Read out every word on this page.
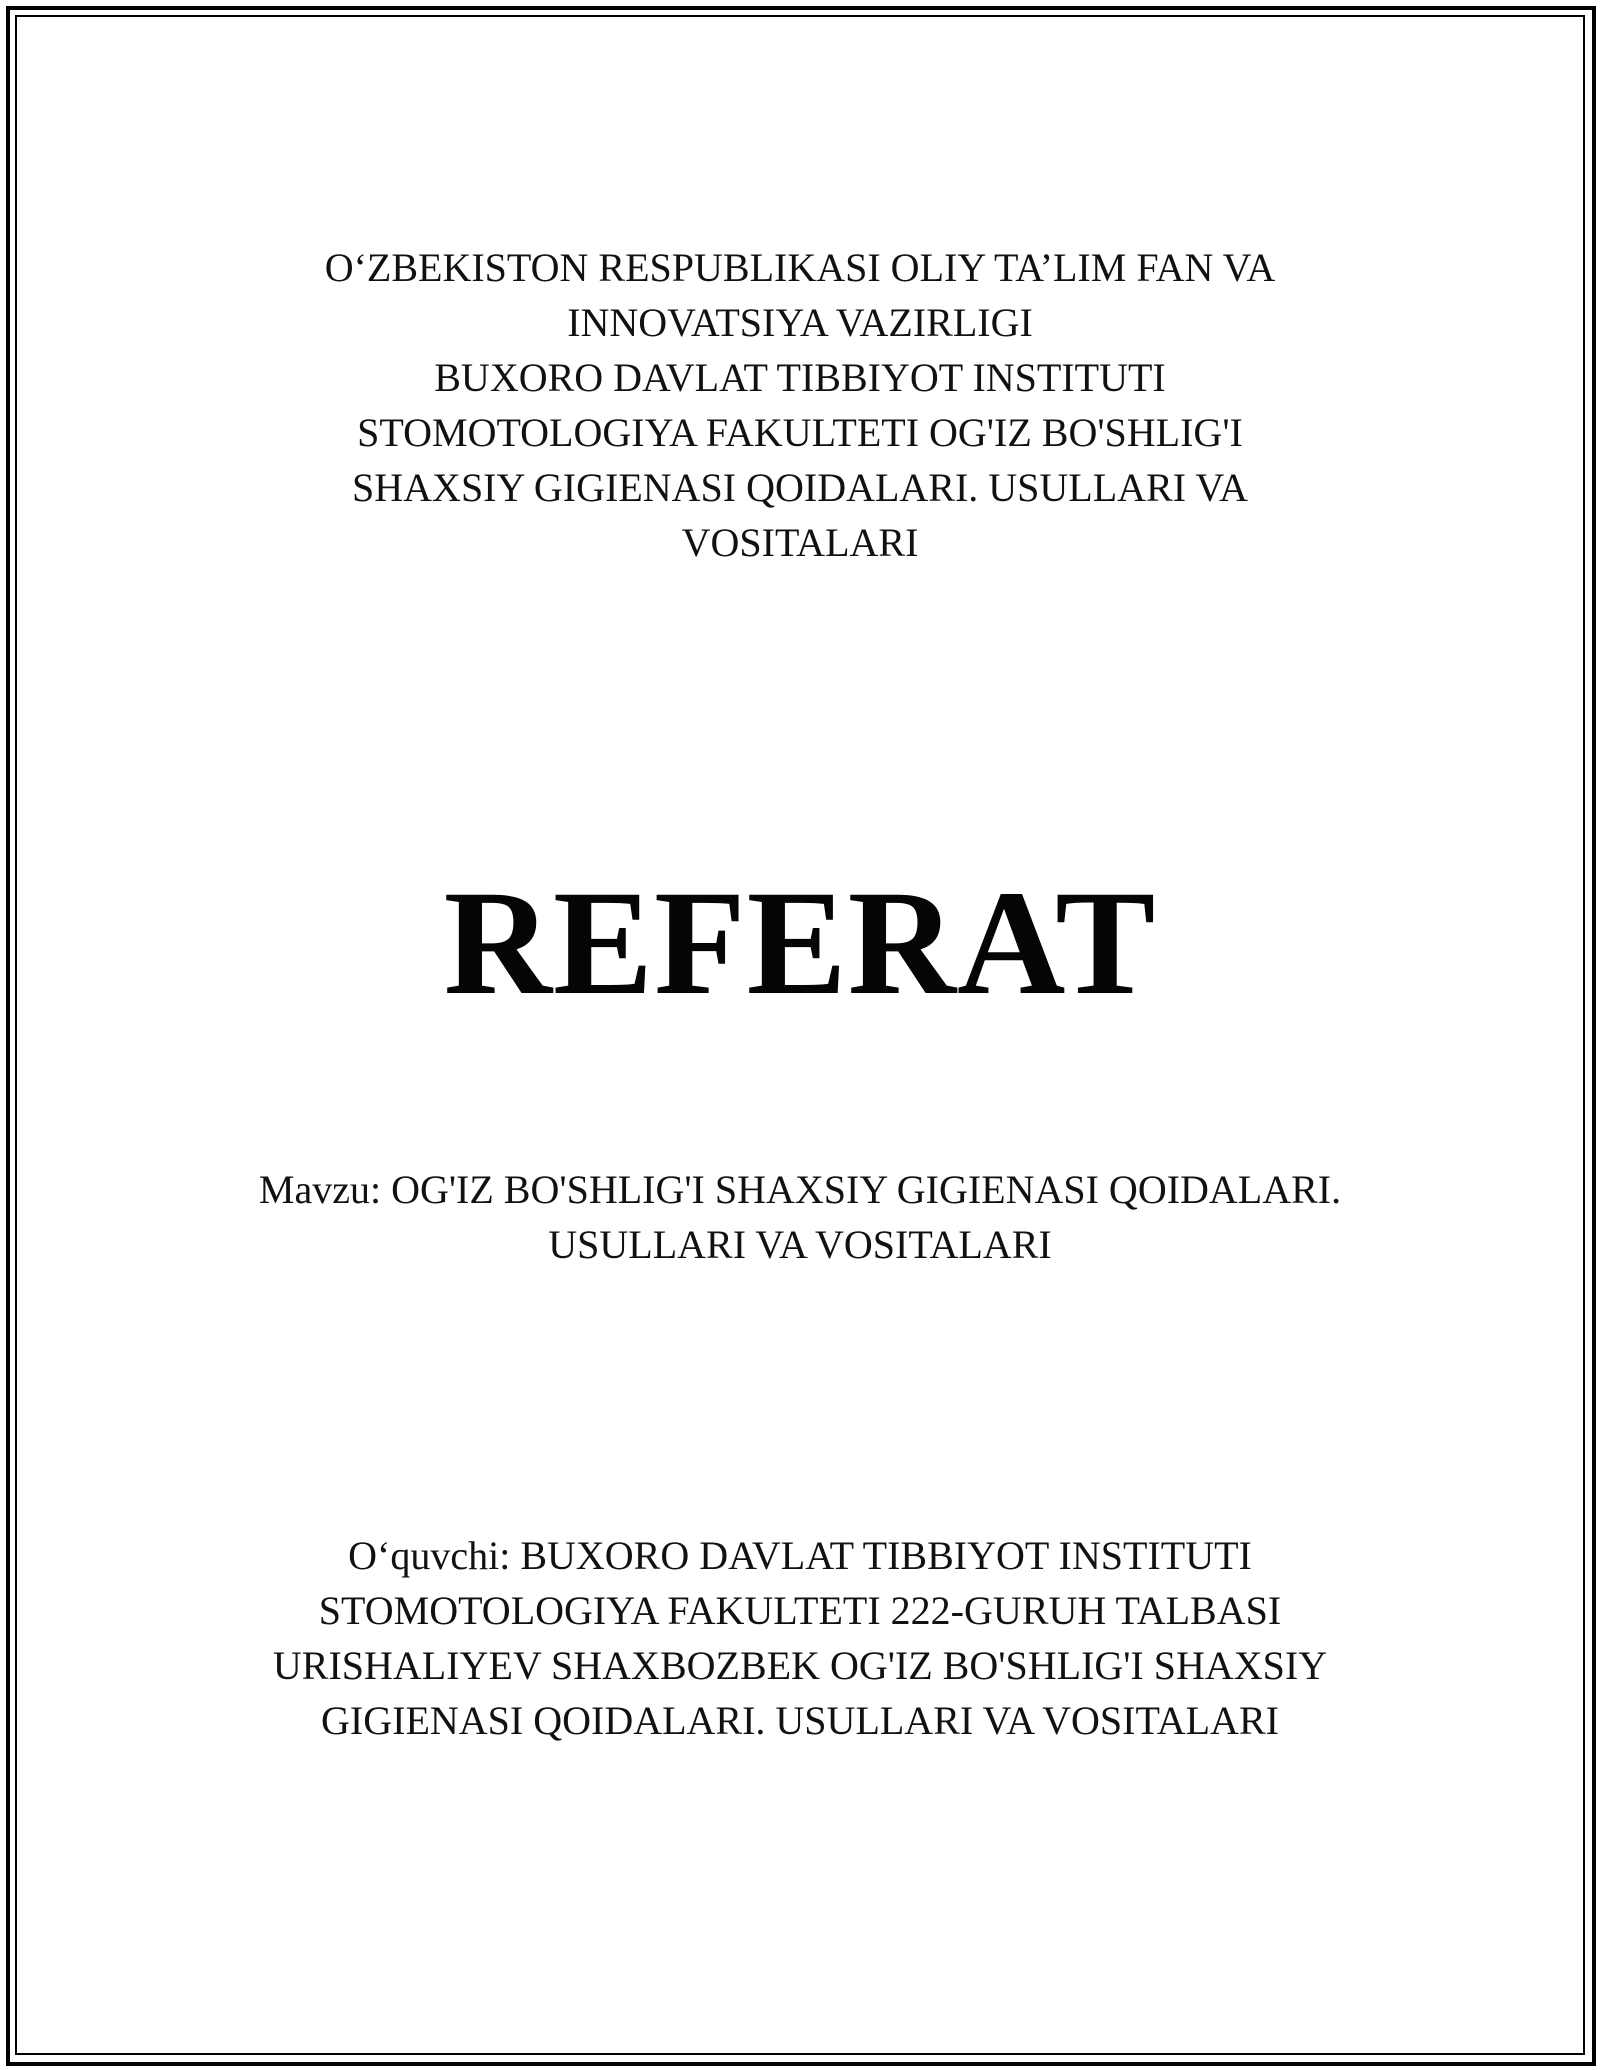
O‘ZBEKISTON RESPUBLIKASI OLIY TA’LIM FAN VA
INNOVATSIYA VAZIRLIGI
BUXORO DAVLAT TIBBIYOT INSTITUTI
STOMOTOLOGIYA FAKULTETI OG'IZ BO'SHLIG'I
SHAXSIY GIGIENASI QOIDALARI. USULLARI VA
VOSITALARI
REFERAT
Mavzu: OG'IZ BO'SHLIG'I SHAXSIY GIGIENASI QOIDALARI.
USULLARI VA VOSITALARI
O‘quvchi: BUXORO DAVLAT TIBBIYOT INSTITUTI
STOMOTOLOGIYA FAKULTETI 222-GURUH TALBASI
URISHALIYEV SHAXBOZBEK OG'IZ BO'SHLIG'I SHAXSIY
GIGIENASI QOIDALARI. USULLARI VA VOSITALARI
